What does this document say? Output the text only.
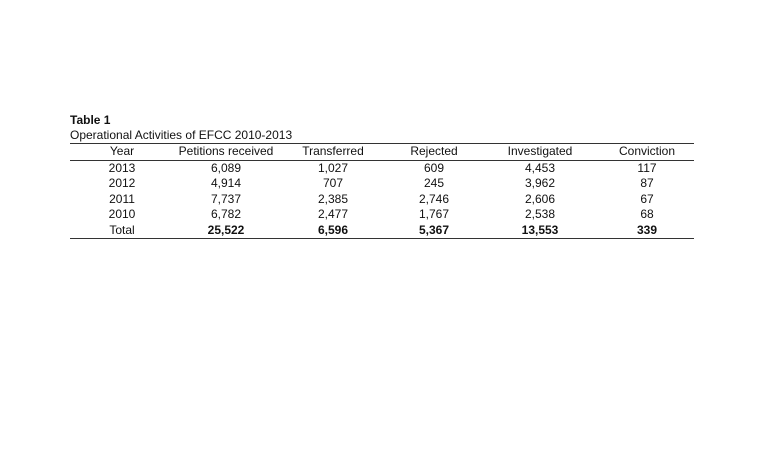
Table 1

Operational Activities of EFCC 2010-2013

Year	Petitions received	Transferred	Rejected	Investigated	Conviction
2013	6,089	1,027	609	4,453	117
2012	4,914	707	245	3,962	87
2011	7,737	2,385	2,746	2,606	67
2010	6,782	2,477	1,767	2,538	68
Total	25,522	6,596	5,367	13,553	339
